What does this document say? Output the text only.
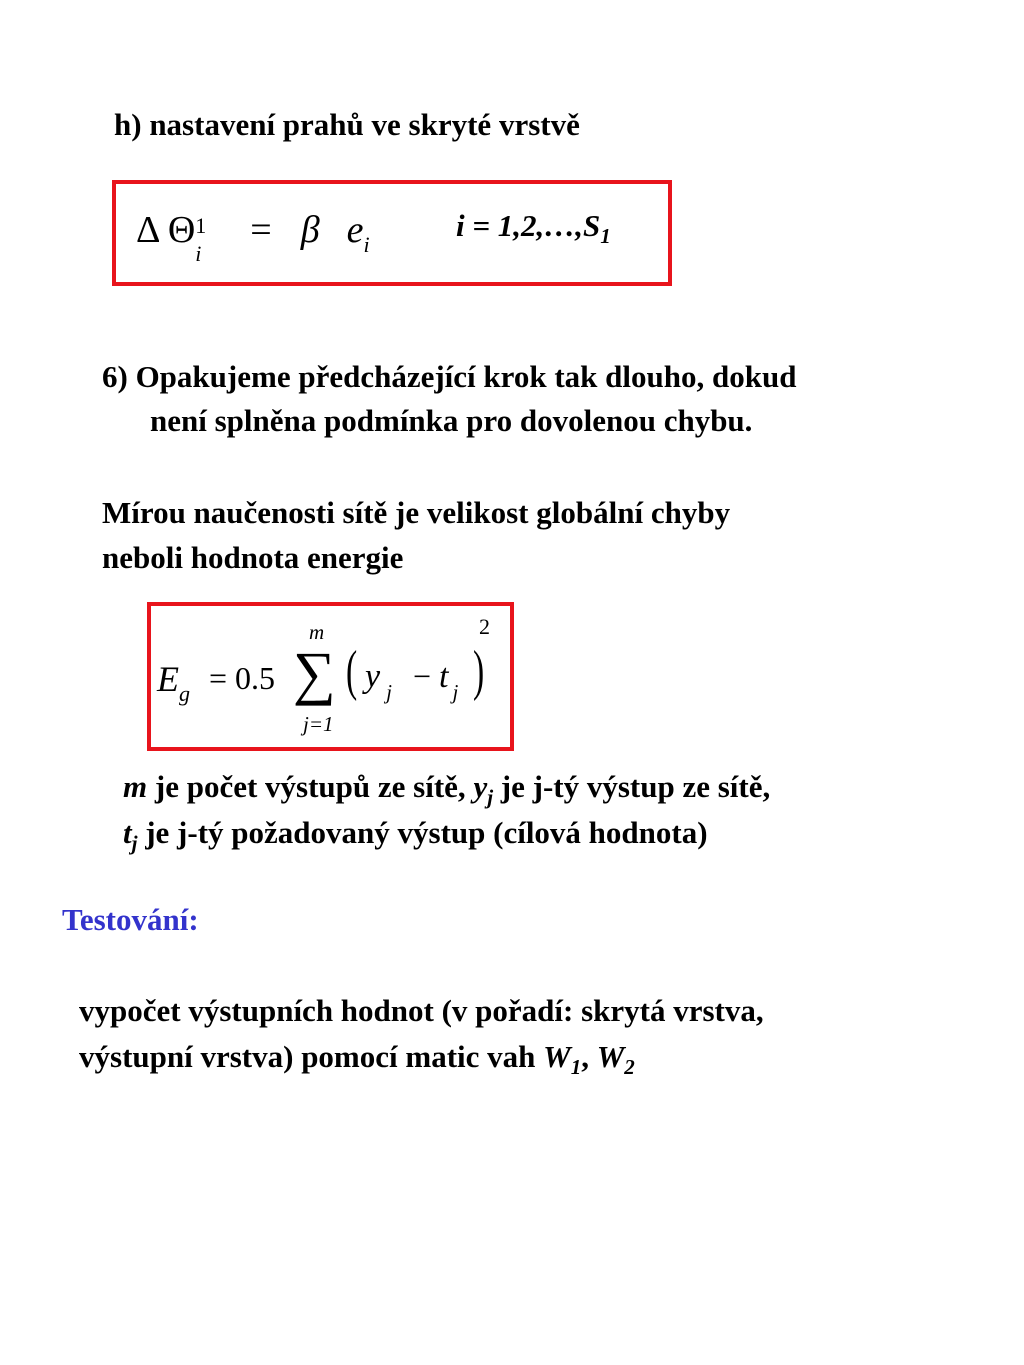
h) nastavení prahů ve skryté vrstvě
Δ Θ 1
i
= β $e_i$
$i = 1,2,\dots,S_1$
6) Opakujeme předcházející krok tak dlouho, dokud
není splněna podmínka pro dovolenou chybu.
Mírou naučenosti sítě je velikost globální chyby
neboli hodnota energie
$E_g = 0.5$
m
∑
j=1
( y $_j$ − t $_j$ )
2
m je počet výstupů ze sítě, $y_j$ je j-tý výstup ze sítě,
$t_j$ je j-tý požadovaný výstup (cílová hodnota)
Testování:
vypočet výstupních hodnot (v pořadí: skrytá vrstva,
výstupní vrstva) pomocí matic vah $W_1$, $W_2$
